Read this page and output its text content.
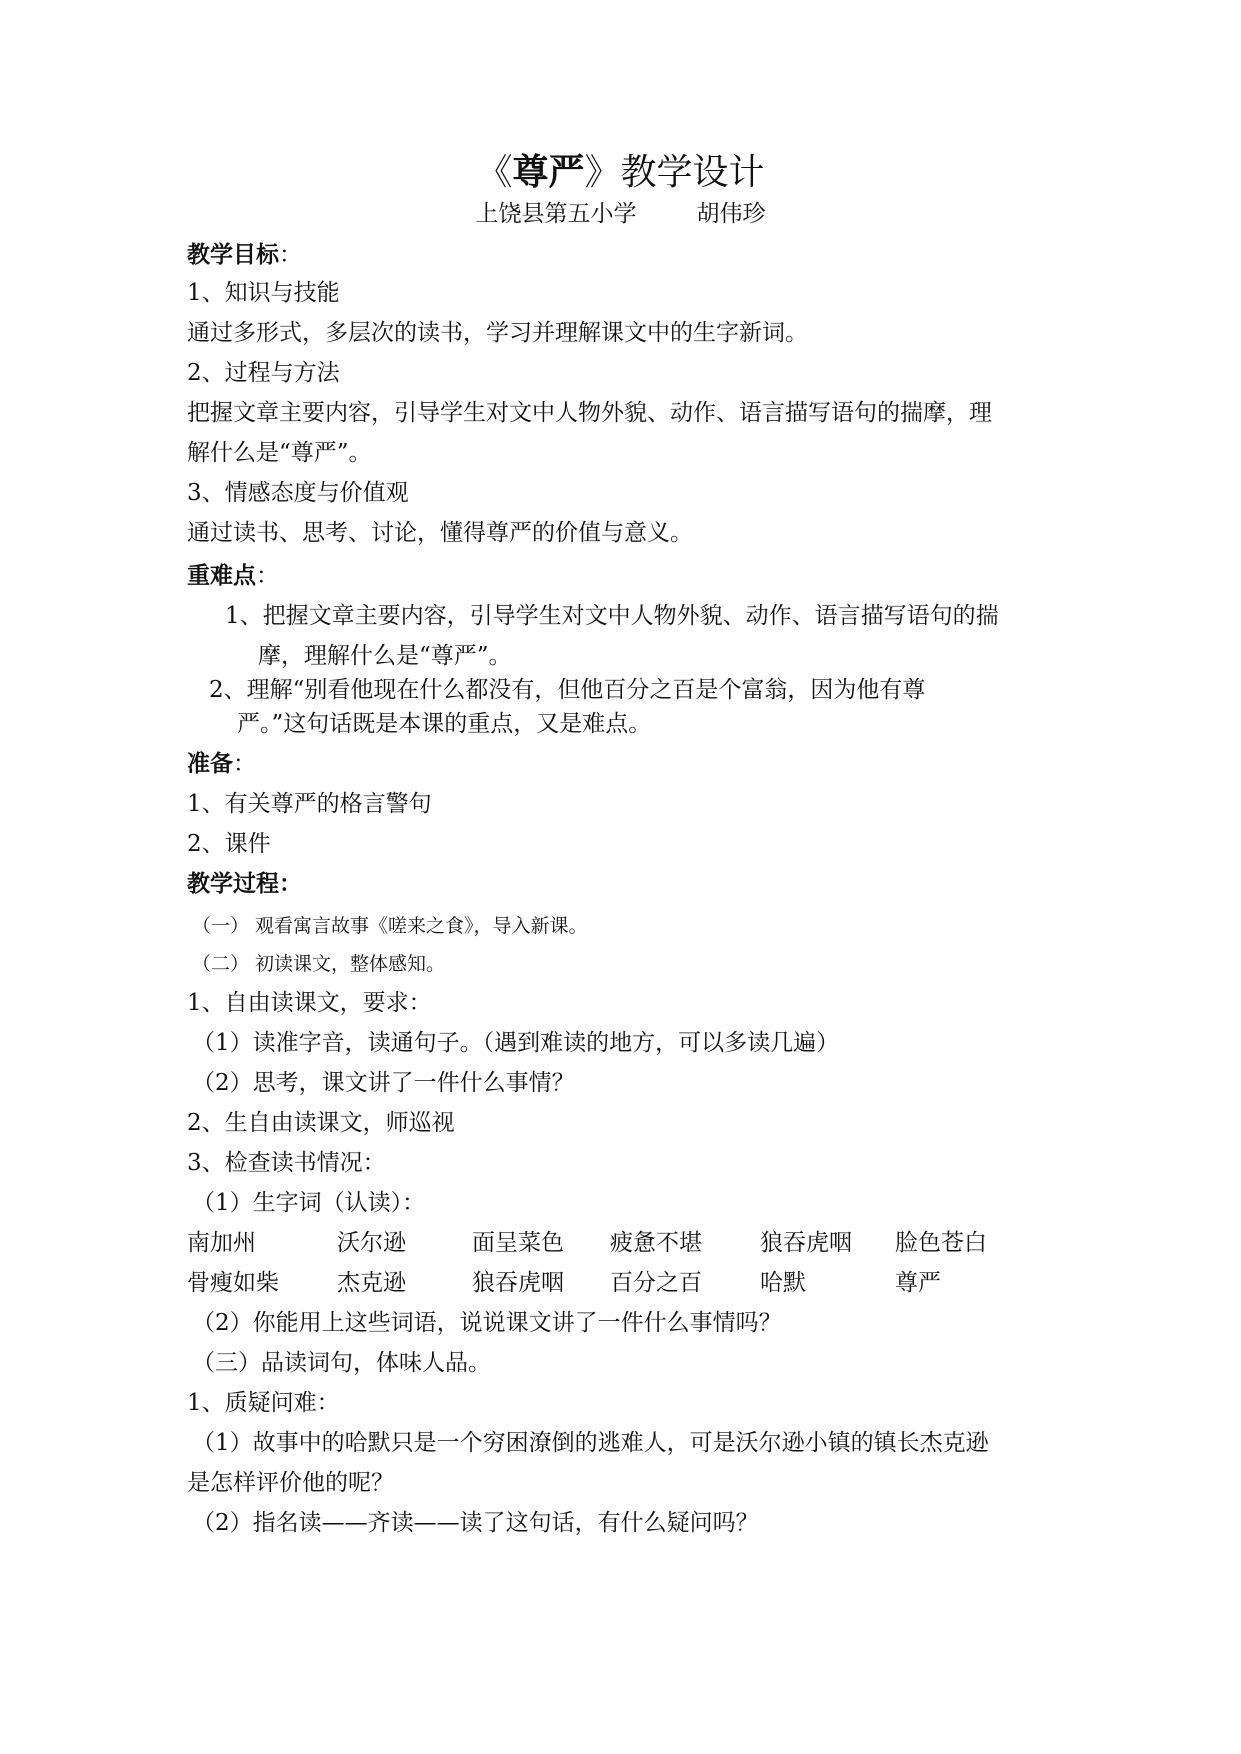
《尊严》教学设计
上饶县第五小学	胡伟珍
教学目标：
1、知识与技能
通过多形式，多层次的读书，学习并理解课文中的生字新词。
2、过程与方法
把握文章主要内容，引导学生对文中人物外貌、动作、语言描写语句的揣摩，理
解什么是“尊严”。
3、情感态度与价值观
通过读书、思考、讨论，懂得尊严的价值与意义。
重难点：
1、把握文章主要内容，引导学生对文中人物外貌、动作、语言描写语句的揣
摩，理解什么是“尊严”。
2、理解“别看他现在什么都没有，但他百分之百是个富翁，因为他有尊
严。”这句话既是本课的重点，又是难点。
准备：
1、有关尊严的格言警句
2、课件
教学过程：
（一） 观看寓言故事《嗟来之食》，导入新课。
（二） 初读课文，整体感知。
1、自由读课文，要求：
（1）读准字音，读通句子。（遇到难读的地方，可以多读几遍）
（2）思考，课文讲了一件什么事情？
2、生自由读课文，师巡视
3、检查读书情况：
（1）生字词（认读）：
南加州	沃尔逊	面呈菜色 疲惫不堪	狼吞虎咽 脸色苍白
骨瘦如柴	杰克逊	狼吞虎咽 百分之百	哈默	尊严
（2）你能用上这些词语，说说课文讲了一件什么事情吗？
（三）品读词句，体味人品。
1、质疑问难：
（1）故事中的哈默只是一个穷困潦倒的逃难人，可是沃尔逊小镇的镇长杰克逊
是怎样评价他的呢？
（2）指名读——齐读——读了这句话，有什么疑问吗？
